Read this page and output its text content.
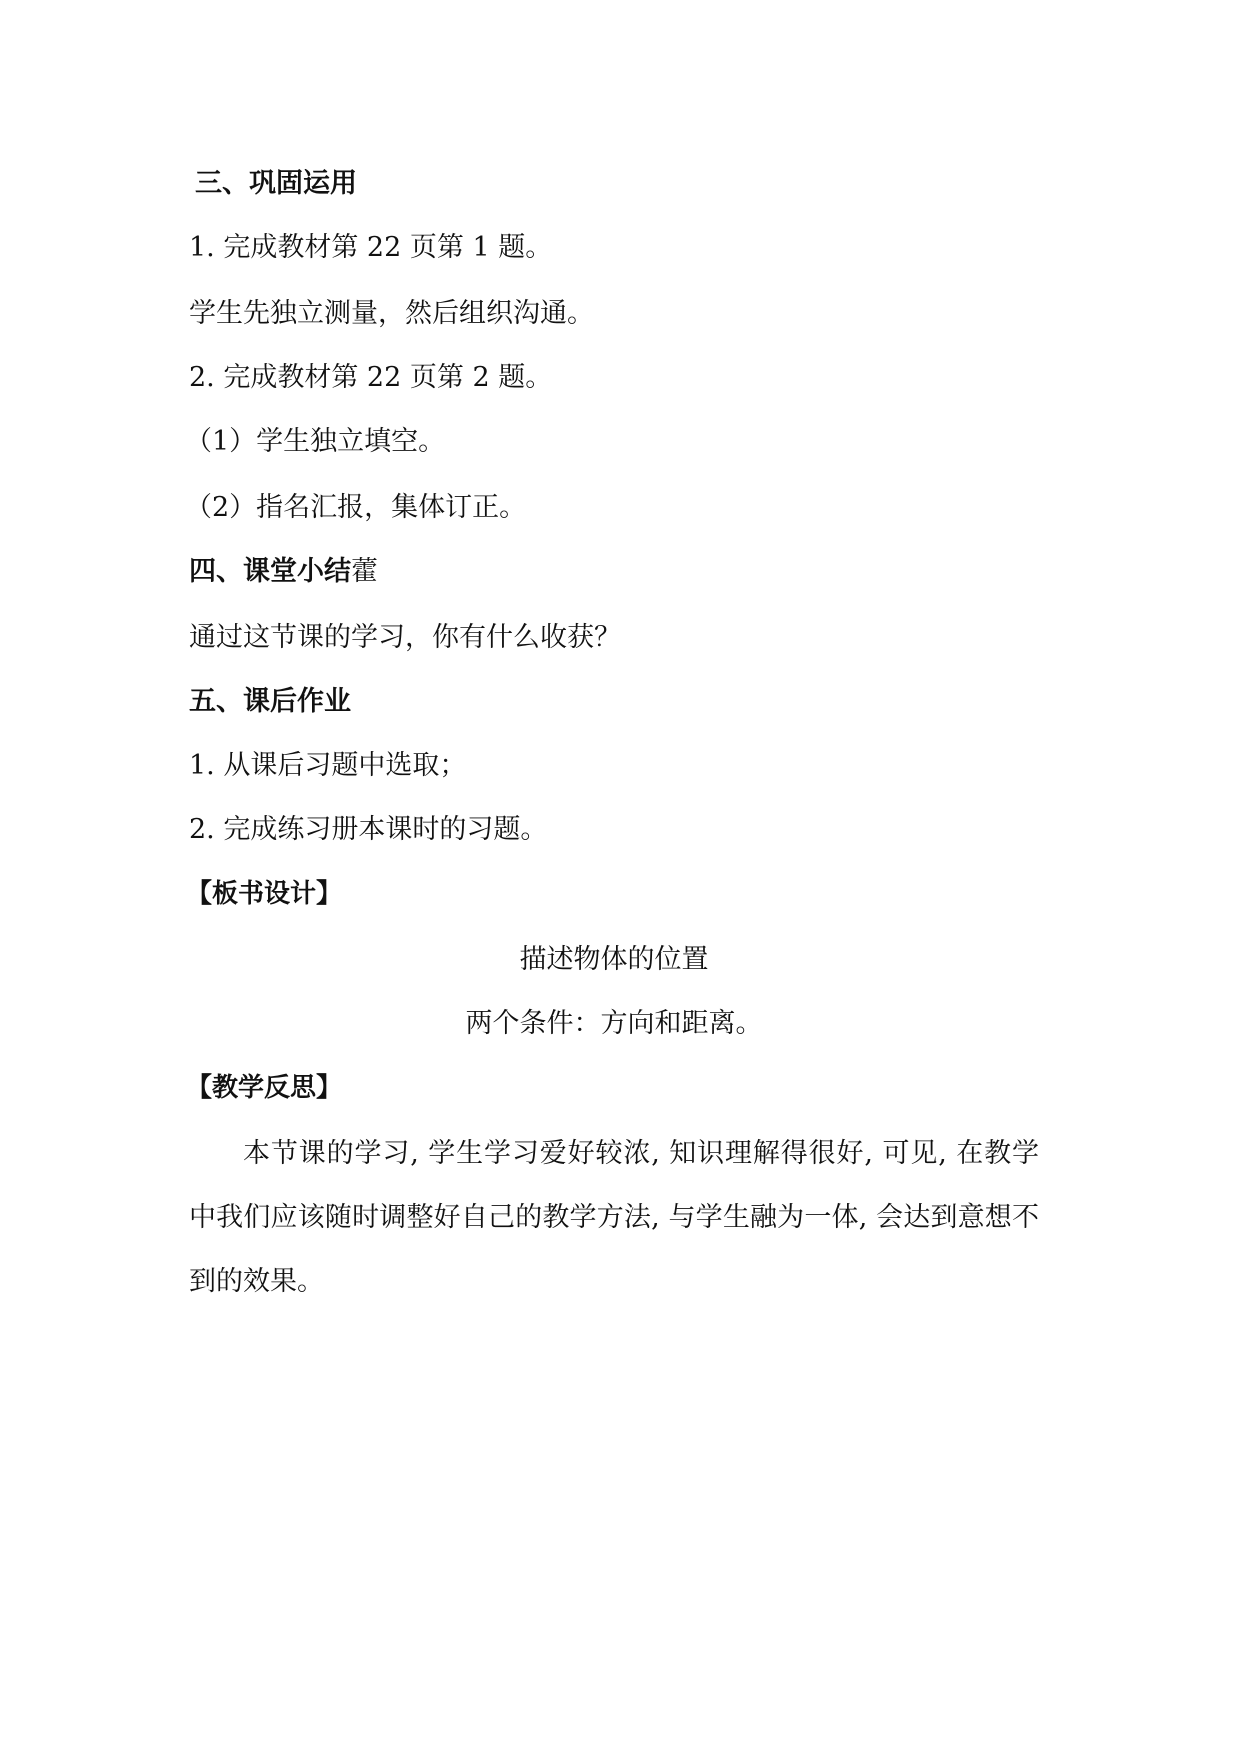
三、巩固运用
1. 完成教材第 22 页第 1 题。
学生先独立测量，然后组织沟通。
2. 完成教材第 22 页第 2 题。
（1）学生独立填空。
（2）指名汇报，集体订正。
四、课堂小结藿
通过这节课的学习，你有什么收获？
五、课后作业
1. 从课后习题中选取；
2. 完成练习册本课时的习题。
【板书设计】
描述物体的位置
两个条件：方向和距离。
【教学反思】
本节课的学习, 学生学习爱好较浓, 知识理解得很好, 可见, 在教学中我们应该随时调整好自己的教学方法, 与学生融为一体, 会达到意想不到的效果。
